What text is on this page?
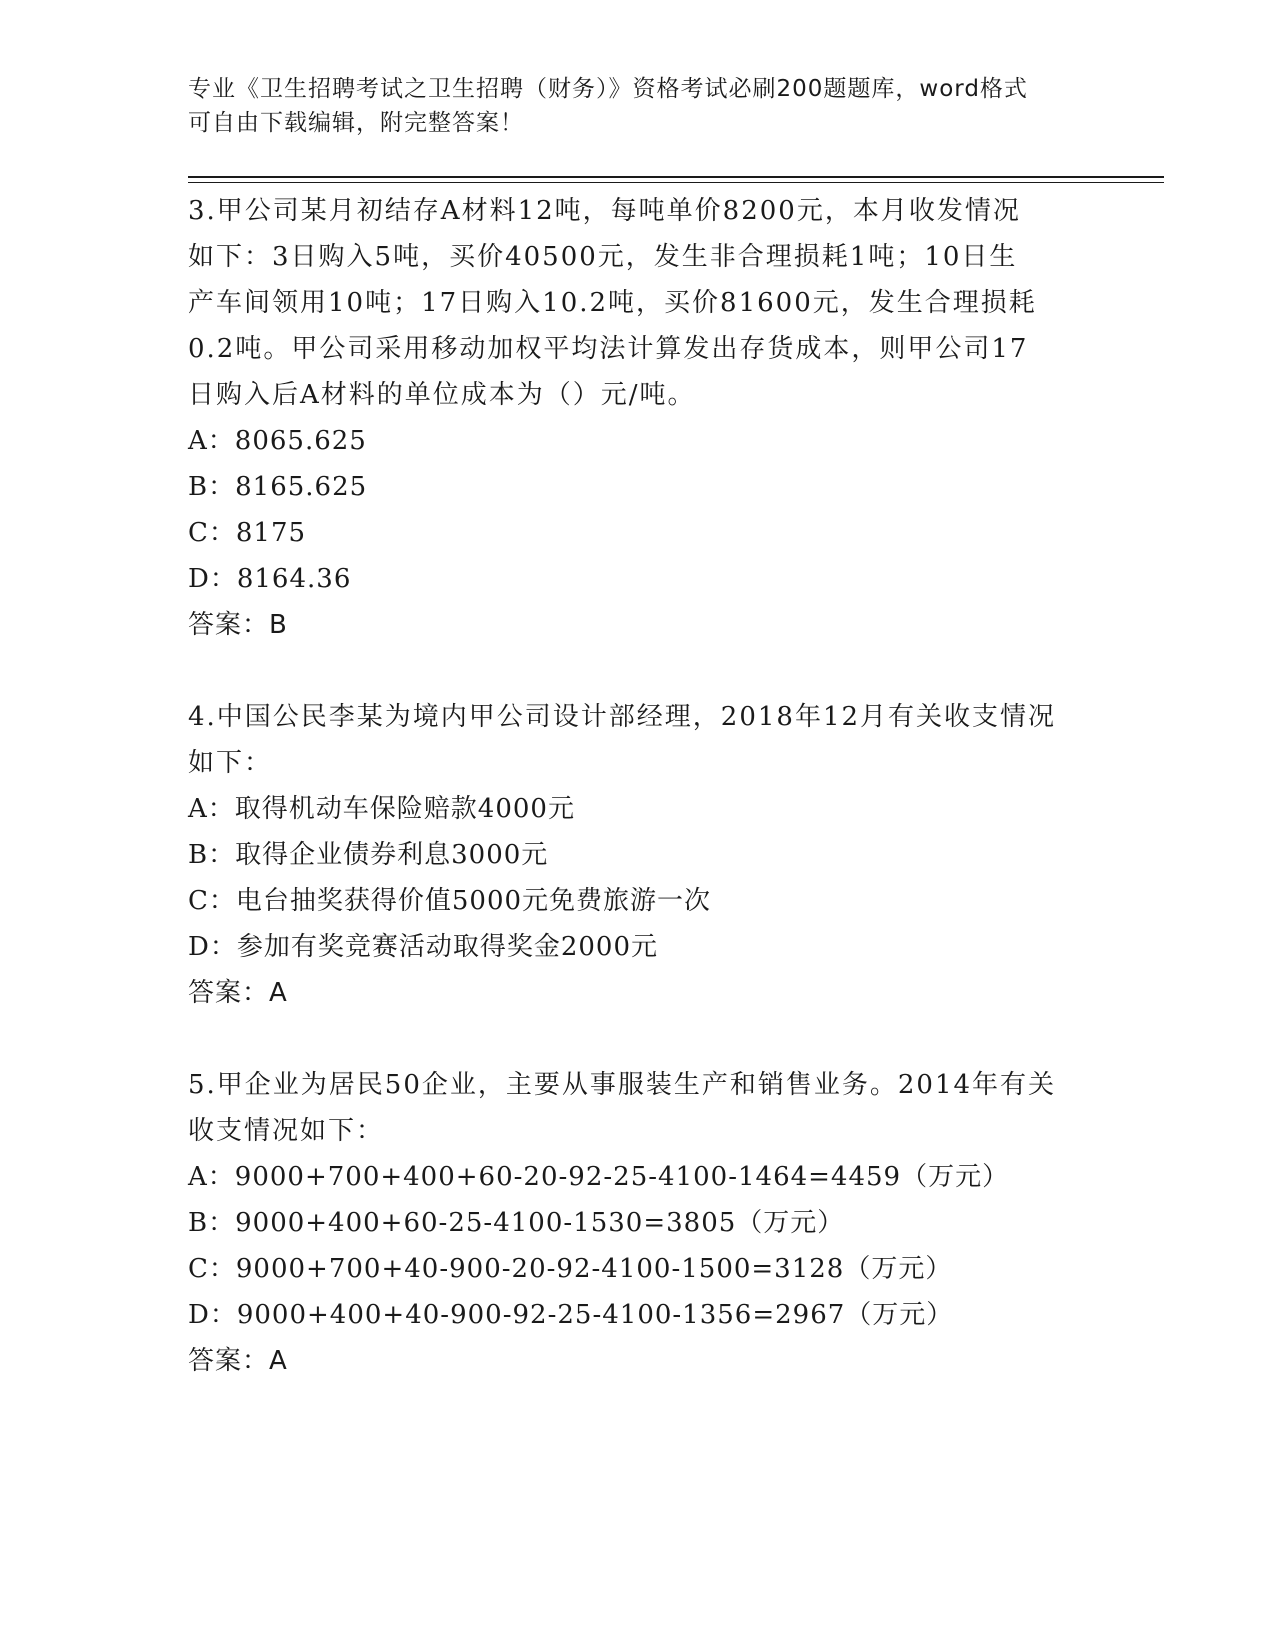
专业《卫生招聘考试之卫生招聘（财务）》资格考试必刷200题题库，word格式
可自由下载编辑，附完整答案！
3.甲公司某月初结存A材料12吨，每吨单价8200元，本月收发情况
如下：3日购入5吨，买价40500元，发生非合理损耗1吨；10日生
产车间领用10吨；17日购入10.2吨，买价81600元，发生合理损耗
0.2吨。甲公司采用移动加权平均法计算发出存货成本，则甲公司17
日购入后A材料的单位成本为（）元/吨。
A：8065.625
B：8165.625
C：8175
D：8164.36
答案：B
4.中国公民李某为境内甲公司设计部经理，2018年12月有关收支情况
如下：
A：取得机动车保险赔款4000元
B：取得企业债券利息3000元
C：电台抽奖获得价值5000元免费旅游一次
D：参加有奖竞赛活动取得奖金2000元
答案：A
5.甲企业为居民50企业，主要从事服装生产和销售业务。2014年有关
收支情况如下：
A：9000+700+400+60-20-92-25-4100-1464=4459（万元）
B：9000+400+60-25-4100-1530=3805（万元）
C：9000+700+40-900-20-92-4100-1500=3128（万元）
D：9000+400+40-900-92-25-4100-1356=2967（万元）
答案：A
